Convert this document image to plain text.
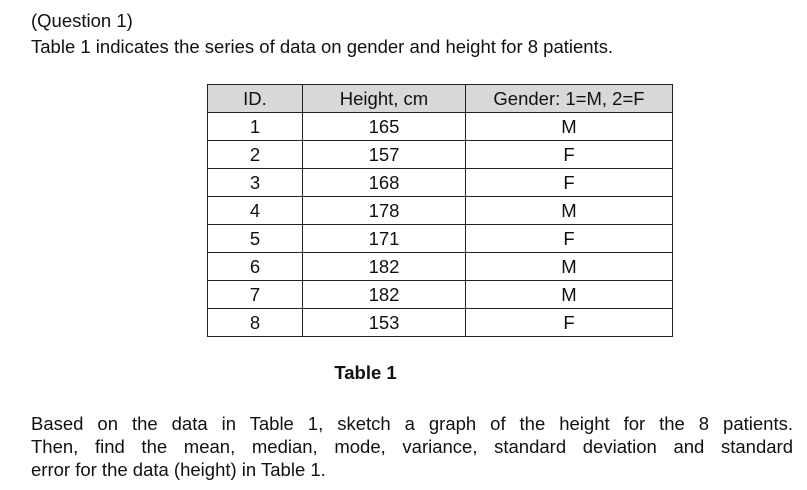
(Question 1)

Table 1 indicates the series of data on gender and height for 8 patients.

ID.	Height, cm	Gender: 1=M, 2=F
1	165	M
2	157	F
3	168	F
4	178	M
5	171	F
6	182	M
7	182	M
8	153	F

Table 1

Based on the data in Table 1, sketch a graph of the height for the 8 patients.
Then, find the mean, median, mode, variance, standard deviation and standard
error for the data (height) in Table 1.
